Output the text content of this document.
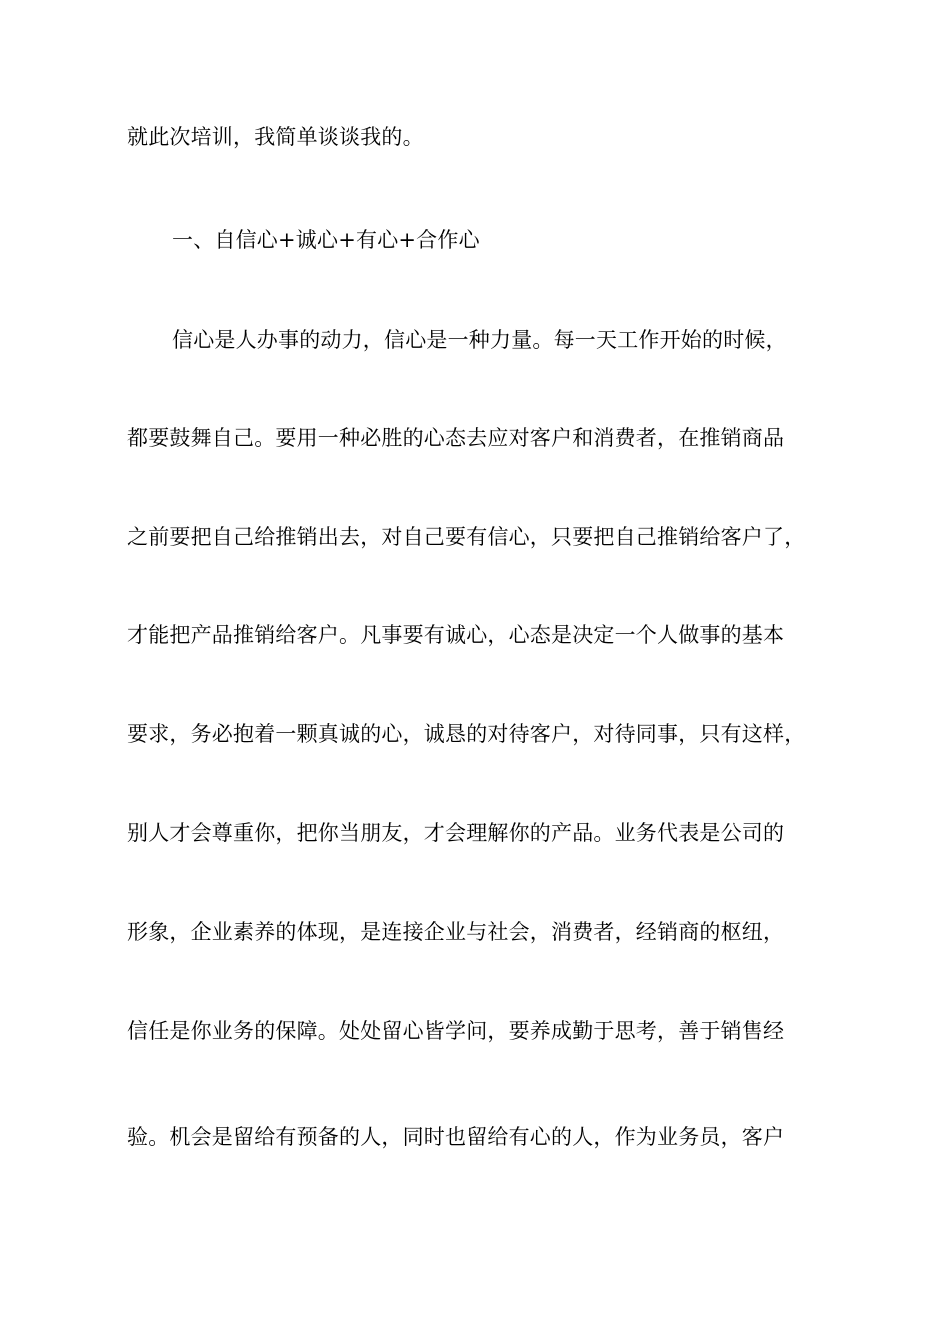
就此次培训，我简单谈谈我的。
一、自信心+诚心+有心+合作心
信心是人办事的动力，信心是一种力量。每一天工作开始的时候，
都要鼓舞自己。要用一种必胜的心态去应对客户和消费者，在推销商品
之前要把自己给推销出去，对自己要有信心，只要把自己推销给客户了，
才能把产品推销给客户。凡事要有诚心，心态是决定一个人做事的基本
要求，务必抱着一颗真诚的心，诚恳的对待客户，对待同事，只有这样，
别人才会尊重你，把你当朋友，才会理解你的产品。业务代表是公司的
形象，企业素养的体现，是连接企业与社会，消费者，经销商的枢纽，
信任是你业务的保障。处处留心皆学问，要养成勤于思考，善于销售经
验。机会是留给有预备的人，同时也留给有心的人，作为业务员，客户
